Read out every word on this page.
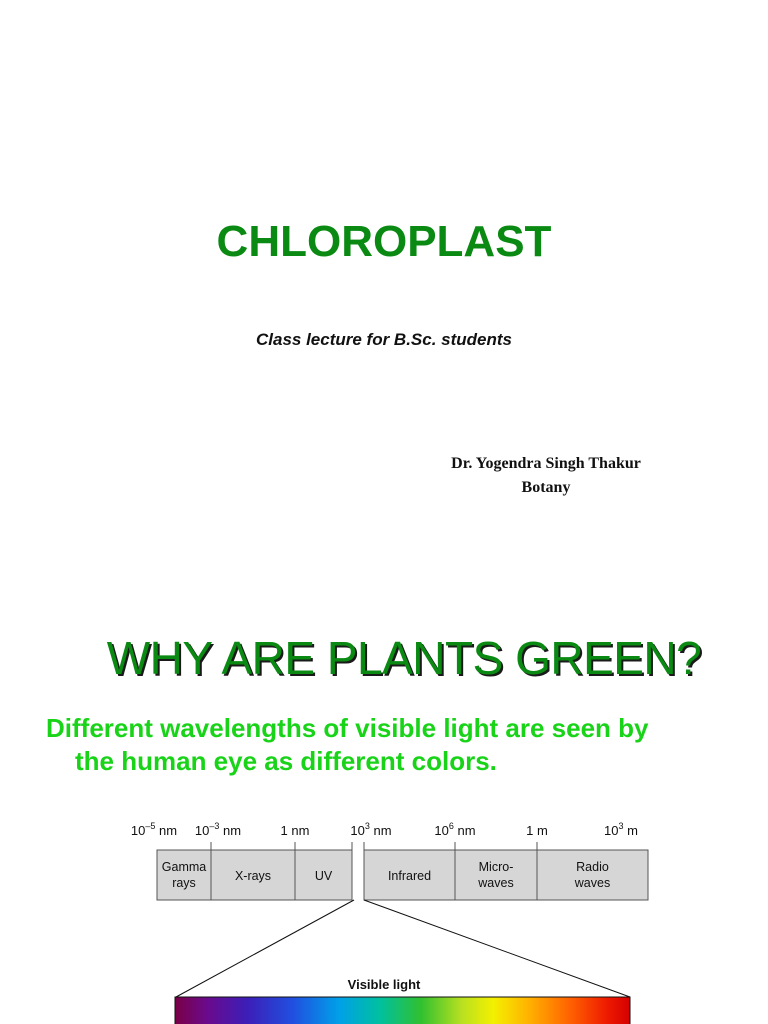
CHLOROPLAST
Class lecture for B.Sc. students
Dr. Yogendra Singh Thakur
Botany
WHY ARE PLANTS GREEN?
Different wavelengths of visible light are seen by
the human eye as different colors.
$10^{-5}$ nm $10^{-3}$ nm	1 nm	$10^3$ nm	$10^6$ nm	1 m	$10^3$ m
Gamma rays	X-rays	UV	Infrared
Micro-waves
Radio waves
Visible light
